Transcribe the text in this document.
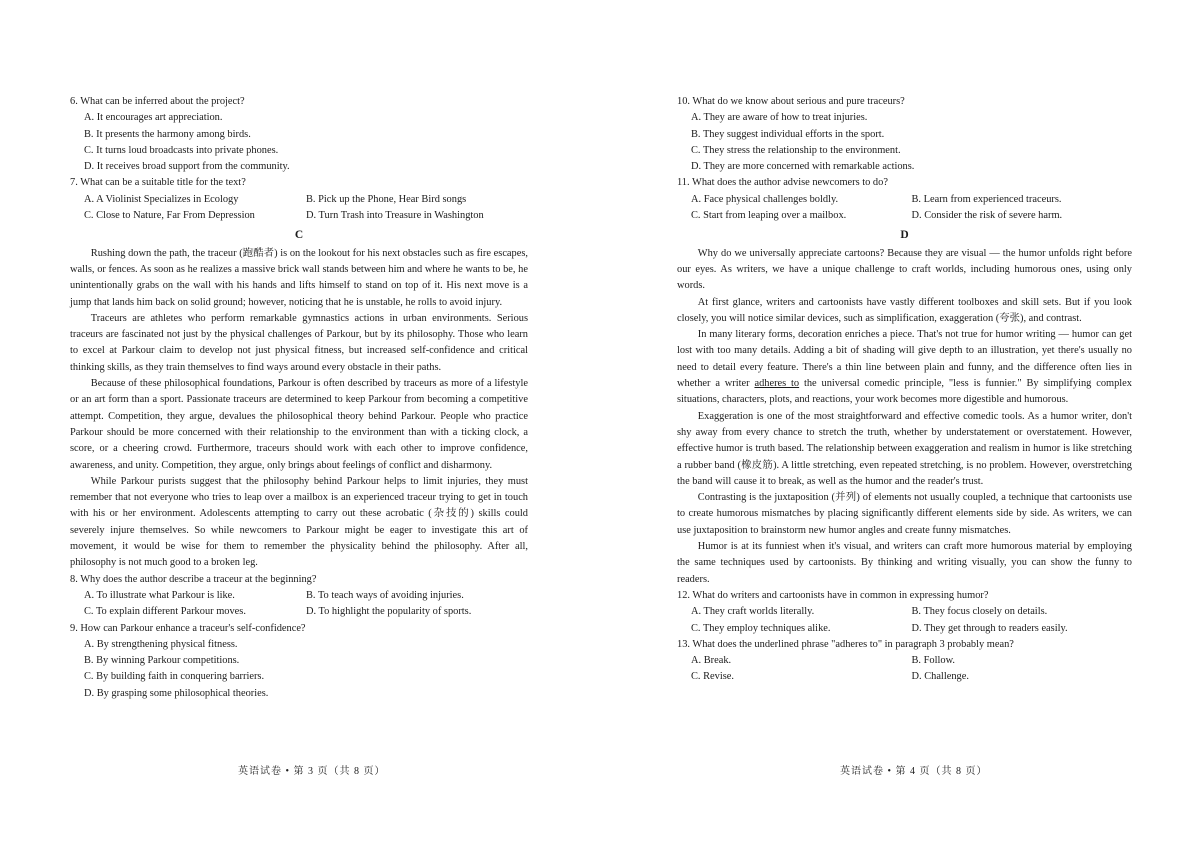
6. What can be inferred about the project?

A. It encourages art appreciation.

B. It presents the harmony among birds.

C. It turns loud broadcasts into private phones.

D. It receives broad support from the community.

7. What can be a suitable title for the text?

A. A Violinist Specializes in Ecology	B. Pick up the Phone, Hear Bird songs

C. Close to Nature, Far From Depression	D. Turn Trash into Treasure in Washington

C

Rushing down the path, the traceur (跑酷者) is on the lookout for his next obstacles such as fire escapes, walls, or fences. As soon as he realizes a massive brick wall stands between him and where he wants to be, he unintentionally grabs on the wall with his hands and lifts himself to stand on top of it. His next move is a jump that lands him back on solid ground; however, noticing that he is unstable, he rolls to avoid injury.

Traceurs are athletes who perform remarkable gymnastics actions in urban environments. Serious traceurs are fascinated not just by the physical challenges of Parkour, but by its philosophy. Those who learn to excel at Parkour claim to develop not just physical fitness, but increased self-confidence and critical thinking skills, as they train themselves to find ways around every obstacle in their paths.

Because of these philosophical foundations, Parkour is often described by traceurs as more of a lifestyle or an art form than a sport. Passionate traceurs are determined to keep Parkour from becoming a competitive attempt. Competition, they argue, devalues the philosophical theory behind Parkour. People who practice Parkour should be more concerned with their relationship to the environment than with a ticking clock, a score, or a cheering crowd. Furthermore, traceurs should work with each other to improve confidence, awareness, and unity. Competition, they argue, only brings about feelings of conflict and disharmony.

While Parkour purists suggest that the philosophy behind Parkour helps to limit injuries, they must remember that not everyone who tries to leap over a mailbox is an experienced traceur trying to get in touch with his or her environment. Adolescents attempting to carry out these acrobatic (杂技的) skills could severely injure themselves. So while newcomers to Parkour might be eager to investigate this art of movement, it would be wise for them to remember the physicality behind the philosophy. After all, philosophy is not much good to a broken leg.

8. Why does the author describe a traceur at the beginning?

A. To illustrate what Parkour is like.	B. To teach ways of avoiding injuries.

C. To explain different Parkour moves.	D. To highlight the popularity of sports.

9. How can Parkour enhance a traceur's self-confidence?

A. By strengthening physical fitness.

B. By winning Parkour competitions.

C. By building faith in conquering barriers.

D. By grasping some philosophical theories.

10. What do we know about serious and pure traceurs?

A. They are aware of how to treat injuries.

B. They suggest individual efforts in the sport.

C. They stress the relationship to the environment.

D. They are more concerned with remarkable actions.

11. What does the author advise newcomers to do?

A. Face physical challenges boldly.	B. Learn from experienced traceurs.

C. Start from leaping over a mailbox.	D. Consider the risk of severe harm.

D

Why do we universally appreciate cartoons? Because they are visual — the humor unfolds right before our eyes. As writers, we have a unique challenge to craft worlds, including humorous ones, using only words.

At first glance, writers and cartoonists have vastly different toolboxes and skill sets. But if you look closely, you will notice similar devices, such as simplification, exaggeration (夸张), and contrast.

In many literary forms, decoration enriches a piece. That's not true for humor writing — humor can get lost with too many details. Adding a bit of shading will give depth to an illustration, yet there's usually no need to detail every feature. There's a thin line between plain and funny, and the difference often lies in whether a writer adheres to the universal comedic principle, "less is funnier." By simplifying complex situations, characters, plots, and reactions, your work becomes more digestible and humorous.

Exaggeration is one of the most straightforward and effective comedic tools. As a humor writer, don't shy away from every chance to stretch the truth, whether by understatement or overstatement. However, effective humor is truth based. The relationship between exaggeration and realism in humor is like stretching a rubber band (橡皮筋). A little stretching, even repeated stretching, is no problem. However, overstretching the band will cause it to break, as well as the humor and the reader's trust.

Contrasting is the juxtaposition (并列) of elements not usually coupled, a technique that cartoonists use to create humorous mismatches by placing significantly different elements side by side. As writers, we can use juxtaposition to brainstorm new humor angles and create funny mismatches.

Humor is at its funniest when it's visual, and writers can craft more humorous material by employing the same techniques used by cartoonists. By thinking and writing visually, you can show the funny to readers.

12. What do writers and cartoonists have in common in expressing humor?

A. They craft worlds literally.	B. They focus closely on details.

C. They employ techniques alike.	D. They get through to readers easily.

13. What does the underlined phrase "adheres to" in paragraph 3 probably mean?

A. Break.	B. Follow.

C. Revise.	D. Challenge.

英语试卷 • 第 3 页（共 8 页）	英语试卷 • 第 4 页（共 8 页）
